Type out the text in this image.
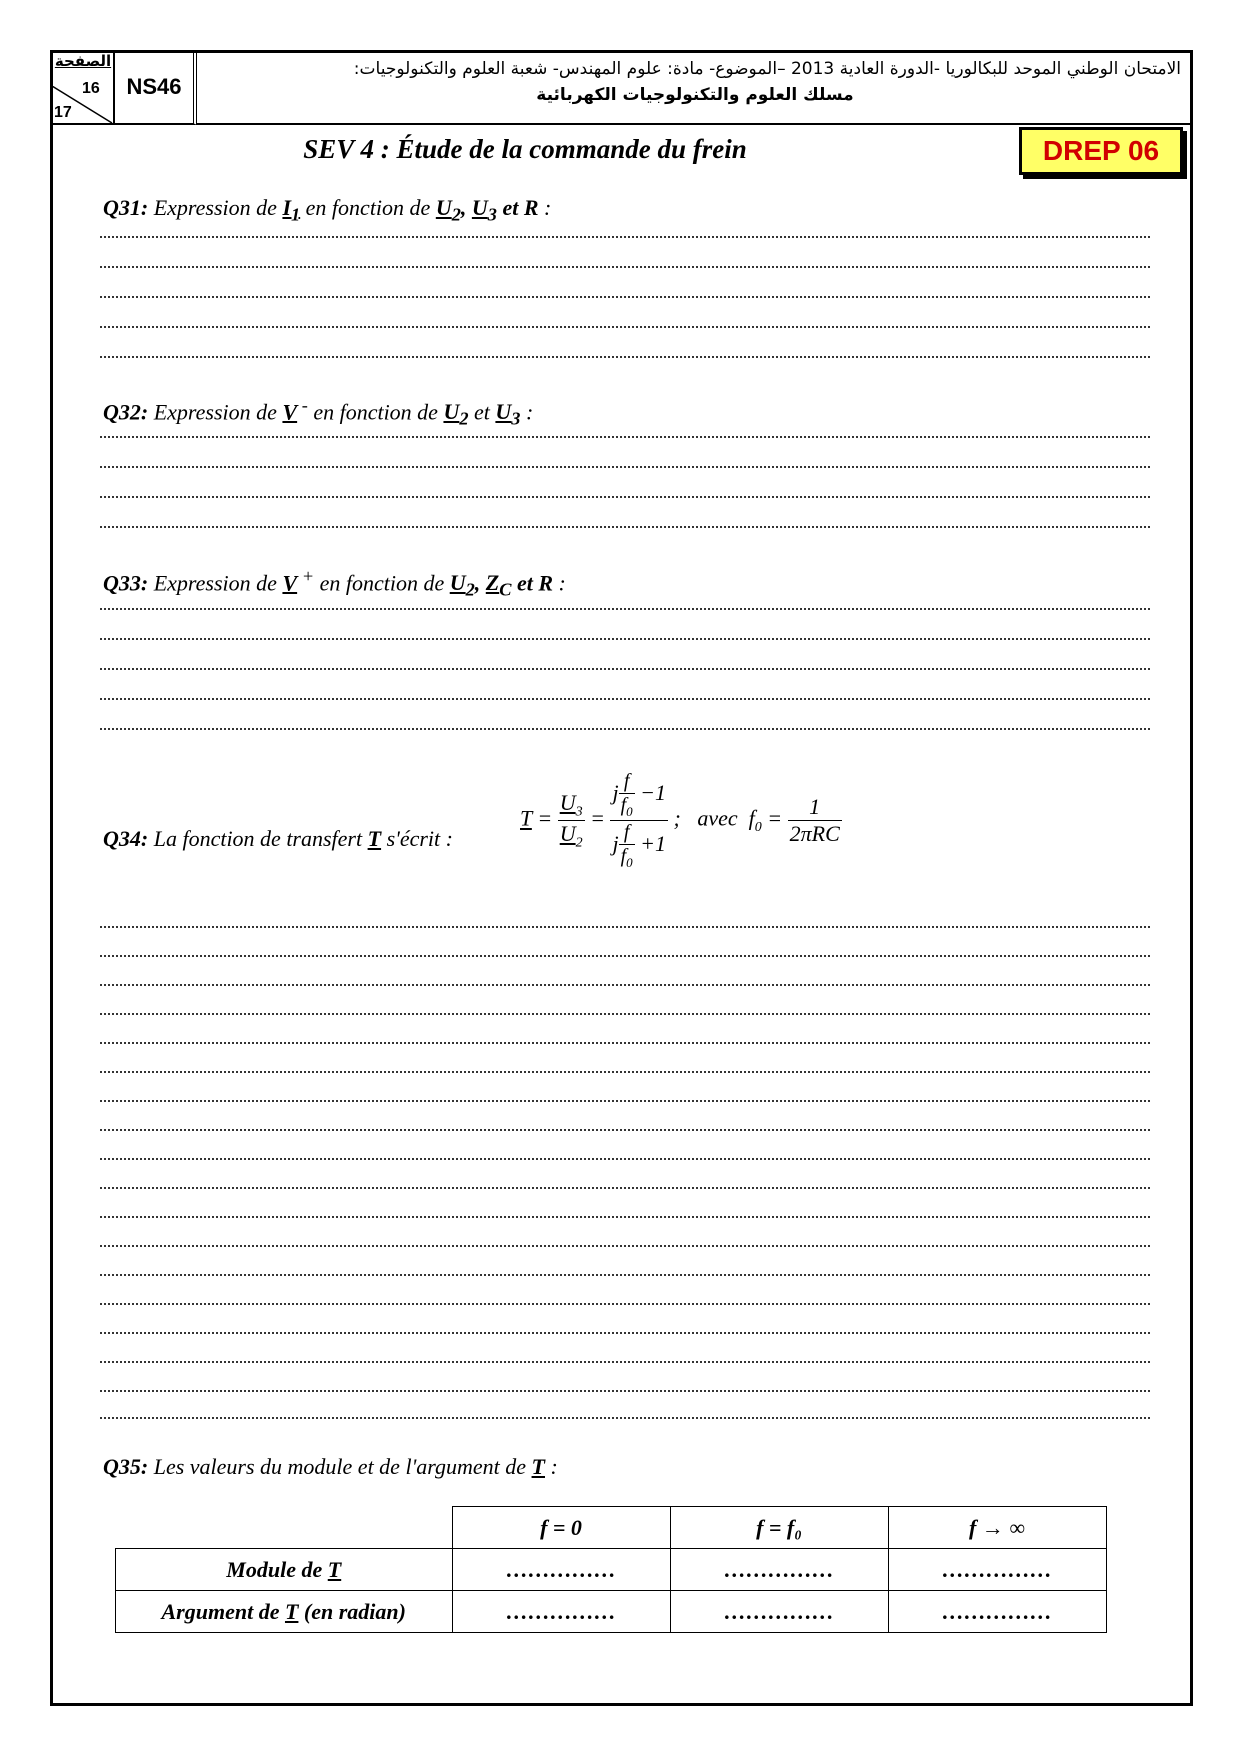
الصفحة
16
17
NS46
الامتحان الوطني الموحد للبكالوريا -الدورة العادية 2013 –الموضوع- مادة: علوم المهندس- شعبة العلوم والتكنولوجيات:
مسلك العلوم والتكنولوجيات الكهربائية
SEV 4 : Étude de la commande du frein	DREP 06
Q31: Expression de $I_1$ en fonction de $U_2$, $U_3$ et R :
Q32: Expression de V - en fonction de $U_2$ et $U_3$ :
Q33: Expression de V + en fonction de $U_2$, $Z_C$ et R :
Q34: La fonction de transfert T s'écrit :
$T = \frac{U_3}{U_2} = \frac{j \frac{f}{f_0} -1}{j \frac{f}{f_0} +1}$ ;   avec  $f_0 = \frac{1}{\text{2πRC}}$
Q35: Les valeurs du module et de l'argument de T :
	f = 0	f = f₀	f → ∞
Module de T	……………	……………	……………
Argument de T (en radian)	……………	……………	……………
